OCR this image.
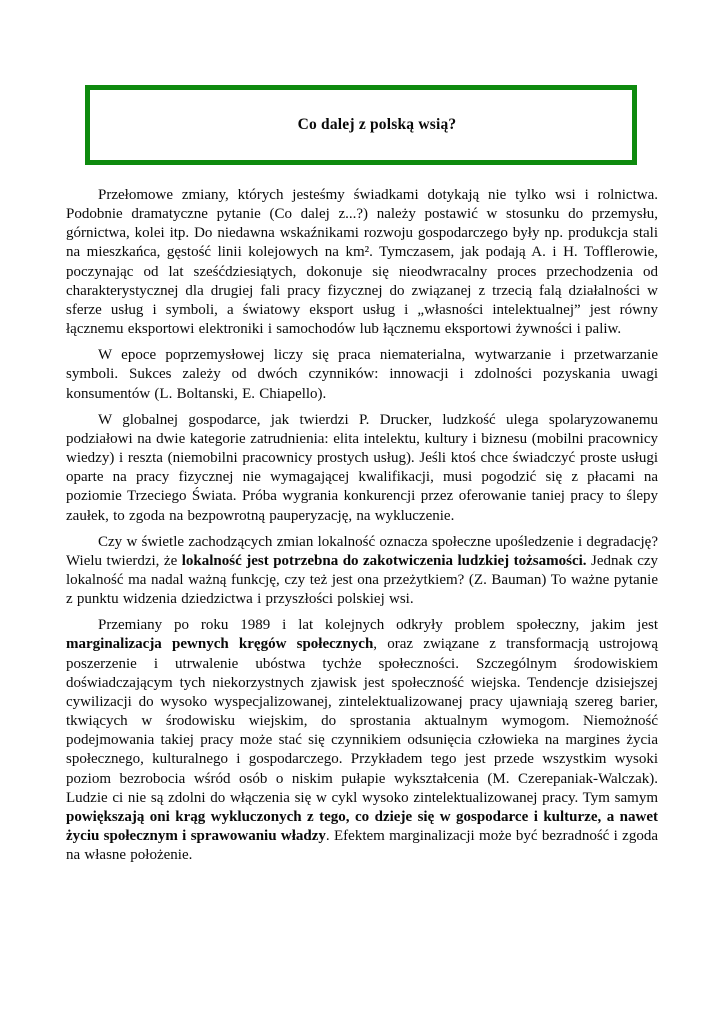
Co dalej z polską wsią?

Przełomowe zmiany, których jesteśmy świadkami dotykają nie tylko wsi i rolnictwa. Podobnie dramatyczne pytanie (Co dalej z...?) należy postawić w stosunku do przemysłu, górnictwa, kolei itp. Do niedawna wskaźnikami rozwoju gospodarczego były np. produkcja stali na mieszkańca, gęstość linii kolejowych na km². Tymczasem, jak podają A. i H. Tofflerowie, poczynając od lat sześćdziesiątych, dokonuje się nieodwracalny proces przechodzenia od charakterystycznej dla drugiej fali pracy fizycznej do związanej z trzecią falą działalności w sferze usług i symboli, a światowy eksport usług i „własności intelektualnej” jest równy łącznemu eksportowi elektroniki i samochodów lub łącznemu eksportowi żywności i paliw.

W epoce poprzemysłowej liczy się praca niematerialna, wytwarzanie i przetwarzanie symboli. Sukces zależy od dwóch czynników: innowacji i zdolności pozyskania uwagi konsumentów (L. Boltanski, E. Chiapello).

W globalnej gospodarce, jak twierdzi P. Drucker, ludzkość ulega spolaryzowanemu podziałowi na dwie kategorie zatrudnienia: elita intelektu, kultury i biznesu (mobilni pracownicy wiedzy) i reszta (niemobilni pracownicy prostych usług). Jeśli ktoś chce świadczyć proste usługi oparte na pracy fizycznej nie wymagającej kwalifikacji, musi pogodzić się z płacami na poziomie Trzeciego Świata. Próba wygrania konkurencji przez oferowanie taniej pracy to ślepy zaułek, to zgoda na bezpowrotną pauperyzację, na wykluczenie.

Czy w świetle zachodzących zmian lokalność oznacza społeczne upośledzenie i degradację? Wielu twierdzi, że lokalność jest potrzebna do zakotwiczenia ludzkiej tożsamości. Jednak czy lokalność ma nadal ważną funkcję, czy też jest ona przeżytkiem? (Z. Bauman) To ważne pytanie z punktu widzenia dziedzictwa i przyszłości polskiej wsi.

Przemiany po roku 1989 i lat kolejnych odkryły problem społeczny, jakim jest marginalizacja pewnych kręgów społecznych, oraz związane z transformacją ustrojową poszerzenie i utrwalenie ubóstwa tychże społeczności. Szczególnym środowiskiem doświadczającym tych niekorzystnych zjawisk jest społeczność wiejska. Tendencje dzisiejszej cywilizacji do wysoko wyspecjalizowanej, zintelektualizowanej pracy ujawniają szereg barier, tkwiących w środowisku wiejskim, do sprostania aktualnym wymogom. Niemożność podejmowania takiej pracy może stać się czynnikiem odsunięcia człowieka na margines życia społecznego, kulturalnego i gospodarczego. Przykładem tego jest przede wszystkim wysoki poziom bezrobocia wśród osób o niskim pułapie wykształcenia (M. Czerepaniak-Walczak). Ludzie ci nie są zdolni do włączenia się w cykl wysoko zintelektualizowanej pracy. Tym samym powiększają oni krąg wykluczonych z tego, co dzieje się w gospodarce i kulturze, a nawet życiu społecznym i sprawowaniu władzy. Efektem marginalizacji może być bezradność i zgoda na własne położenie.
